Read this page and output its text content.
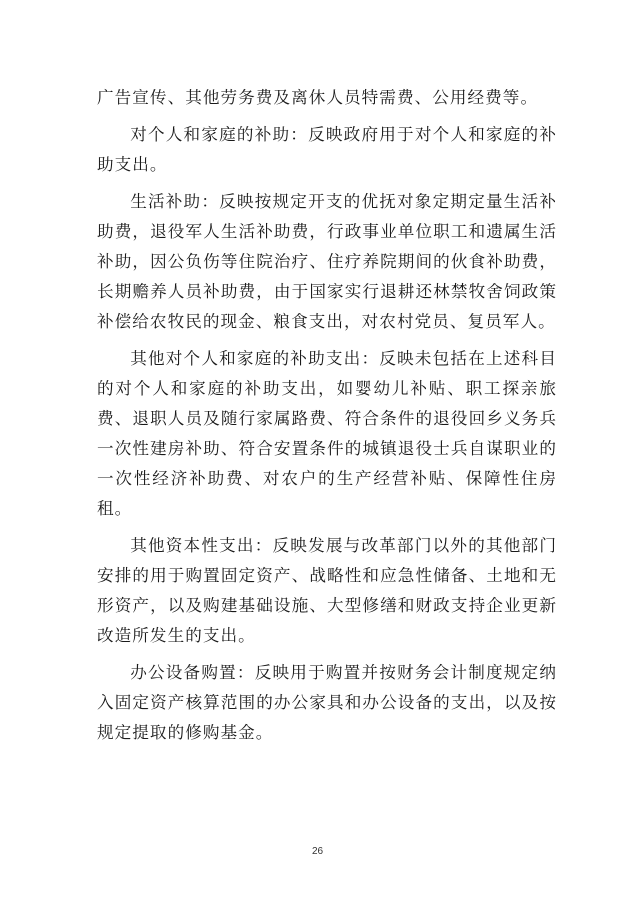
广告宣传、其他劳务费及离休人员特需费、公用经费等。

对个人和家庭的补助：反映政府用于对个人和家庭的补助支出。

生活补助：反映按规定开支的优抚对象定期定量生活补助费，退役军人生活补助费，行政事业单位职工和遗属生活补助，因公负伤等住院治疗、住疗养院期间的伙食补助费，长期赡养人员补助费，由于国家实行退耕还林禁牧舍饲政策补偿给农牧民的现金、粮食支出，对农村党员、复员军人。

其他对个人和家庭的补助支出：反映未包括在上述科目的对个人和家庭的补助支出，如婴幼儿补贴、职工探亲旅费、退职人员及随行家属路费、符合条件的退役回乡义务兵一次性建房补助、符合安置条件的城镇退役士兵自谋职业的一次性经济补助费、对农户的生产经营补贴、保障性住房租。

其他资本性支出：反映发展与改革部门以外的其他部门安排的用于购置固定资产、战略性和应急性储备、土地和无形资产，以及购建基础设施、大型修缮和财政支持企业更新改造所发生的支出。

办公设备购置：反映用于购置并按财务会计制度规定纳入固定资产核算范围的办公家具和办公设备的支出，以及按规定提取的修购基金。

26
